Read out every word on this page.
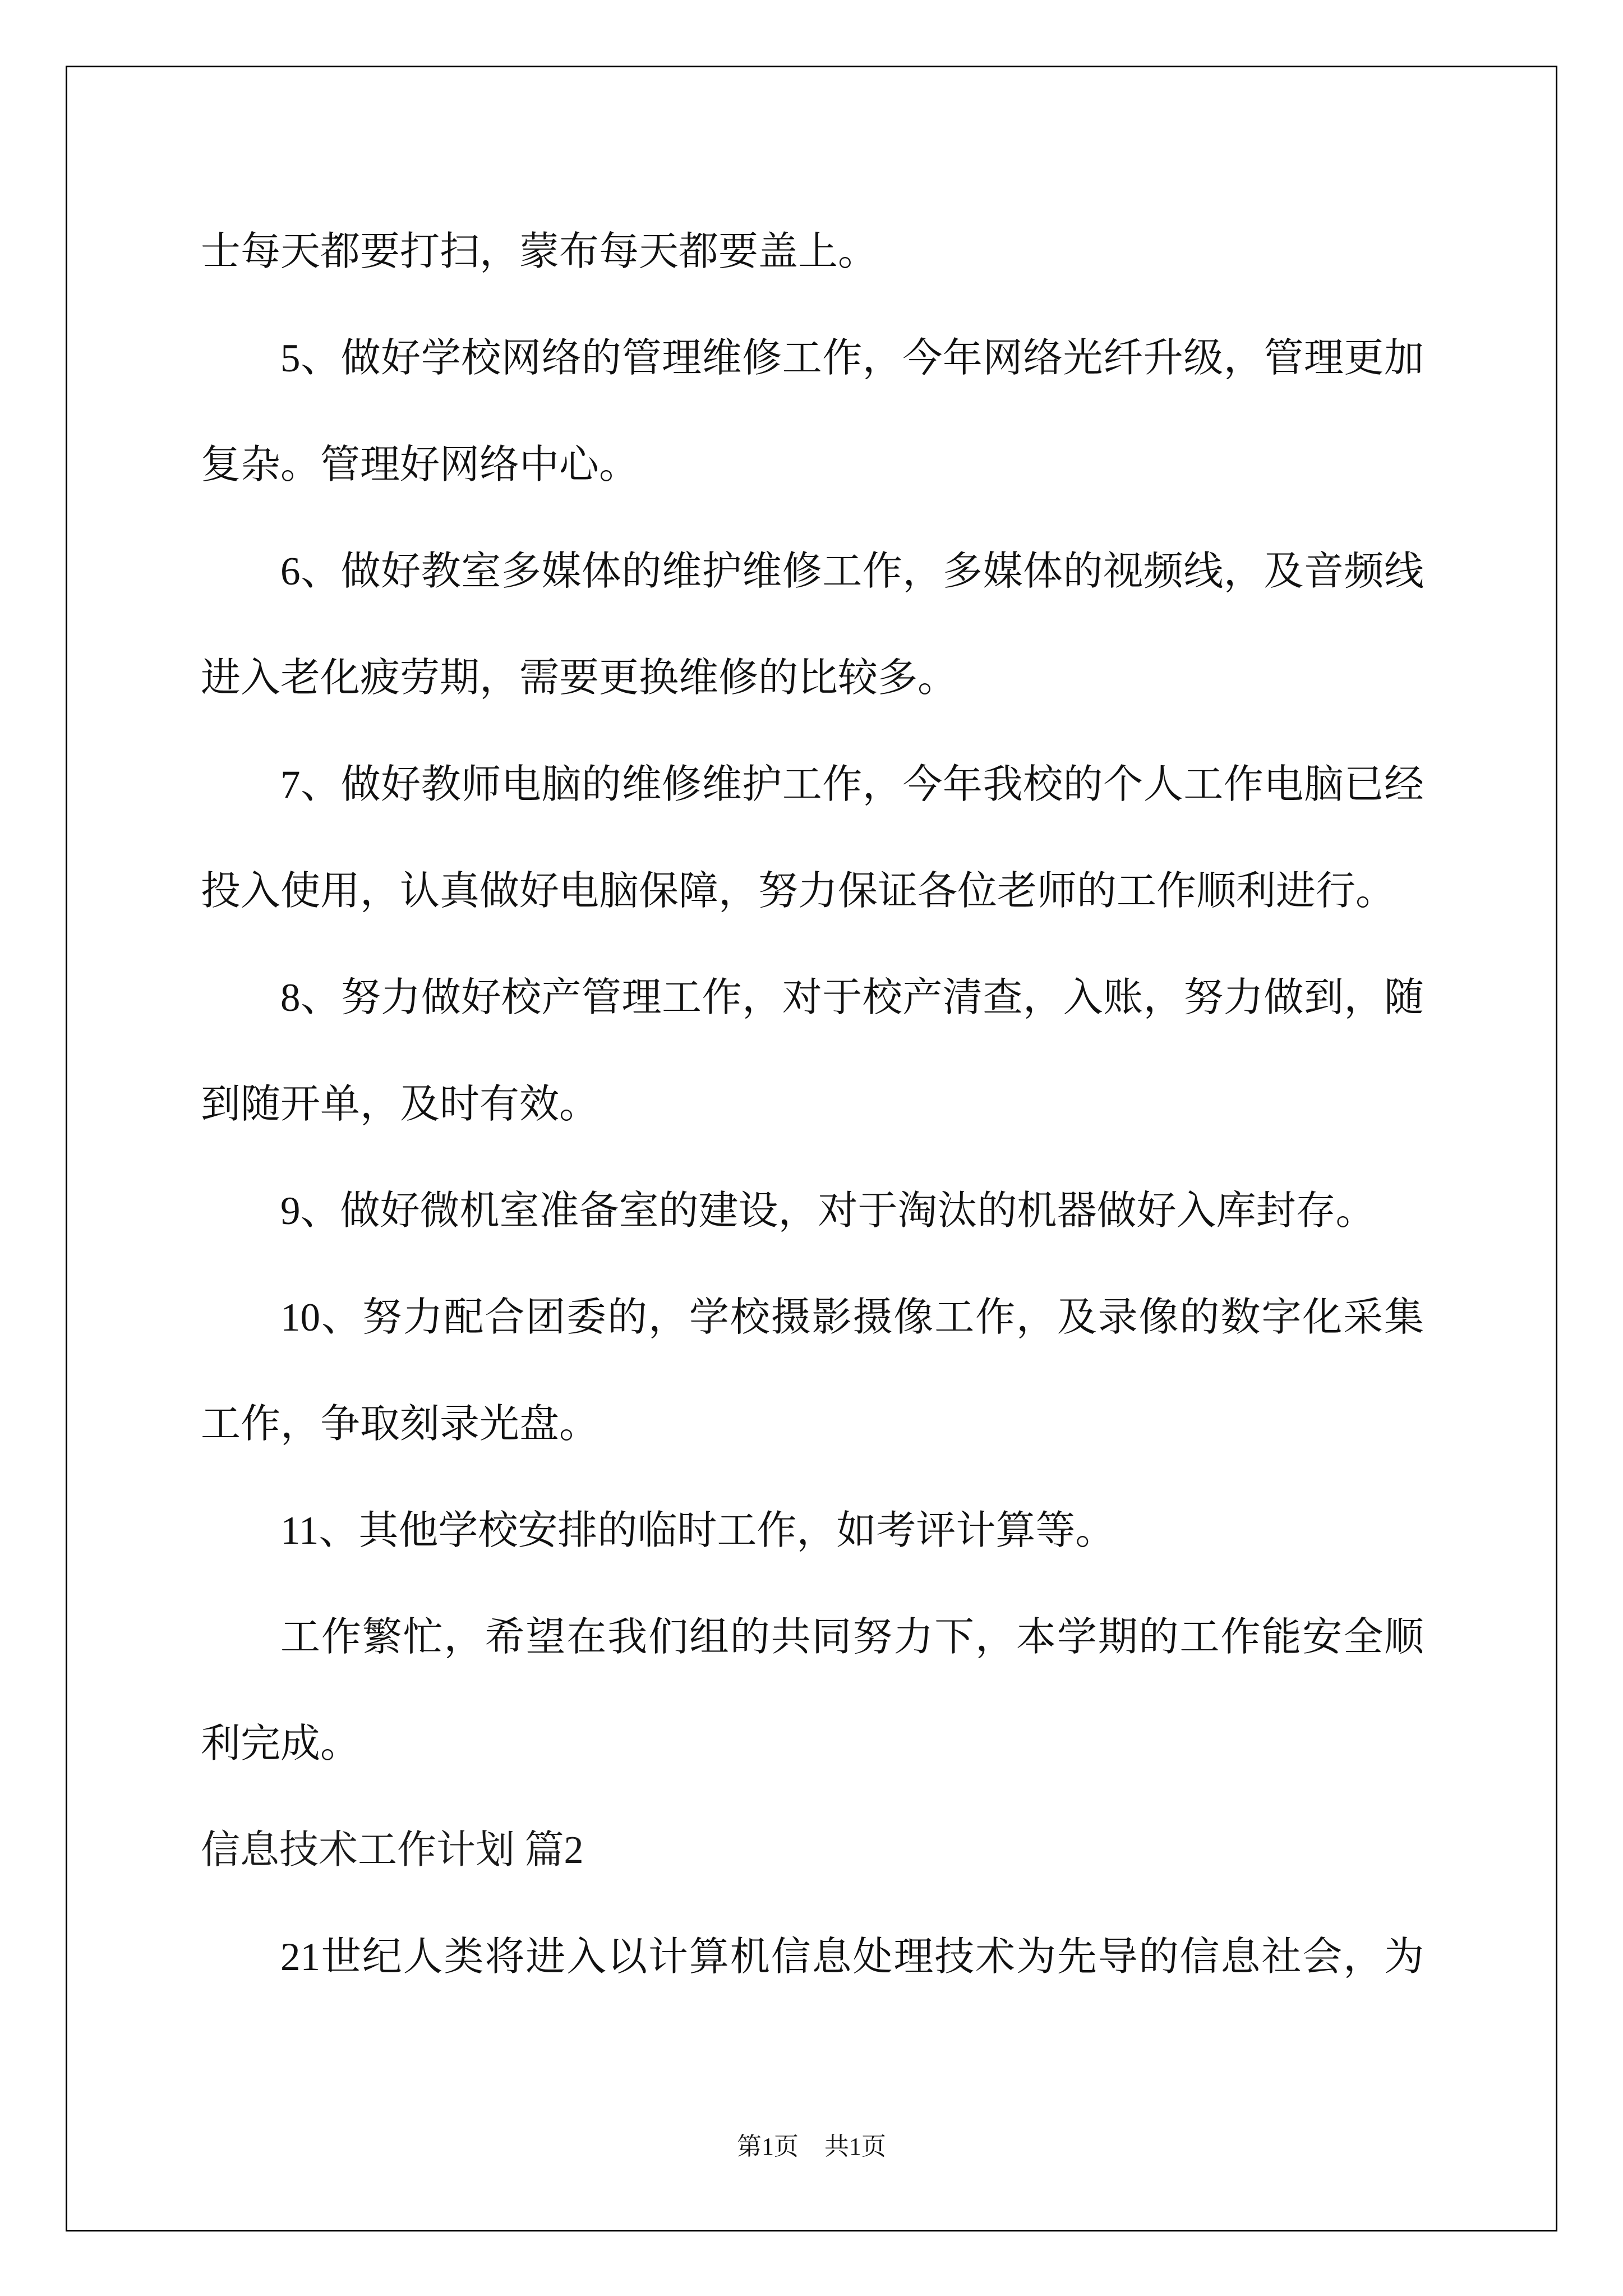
士每天都要打扫，蒙布每天都要盖上。
5、做好学校网络的管理维修工作，今年网络光纤升级，管理更加
复杂。管理好网络中心。
6、做好教室多媒体的维护维修工作，多媒体的视频线，及音频线
进入老化疲劳期，需要更换维修的比较多。
7、做好教师电脑的维修维护工作，今年我校的个人工作电脑已经
投入使用，认真做好电脑保障，努力保证各位老师的工作顺利进行。
8、努力做好校产管理工作，对于校产清查，入账，努力做到，随
到随开单，及时有效。
9、做好微机室准备室的建设，对于淘汰的机器做好入库封存。
10、努力配合团委的，学校摄影摄像工作，及录像的数字化采集
工作，争取刻录光盘。
11、其他学校安排的临时工作，如考评计算等。
工作繁忙，希望在我们组的共同努力下，本学期的工作能安全顺
利完成。
信息技术工作计划 篇2
21世纪人类将进入以计算机信息处理技术为先导的信息社会，为
第1页 共1页
